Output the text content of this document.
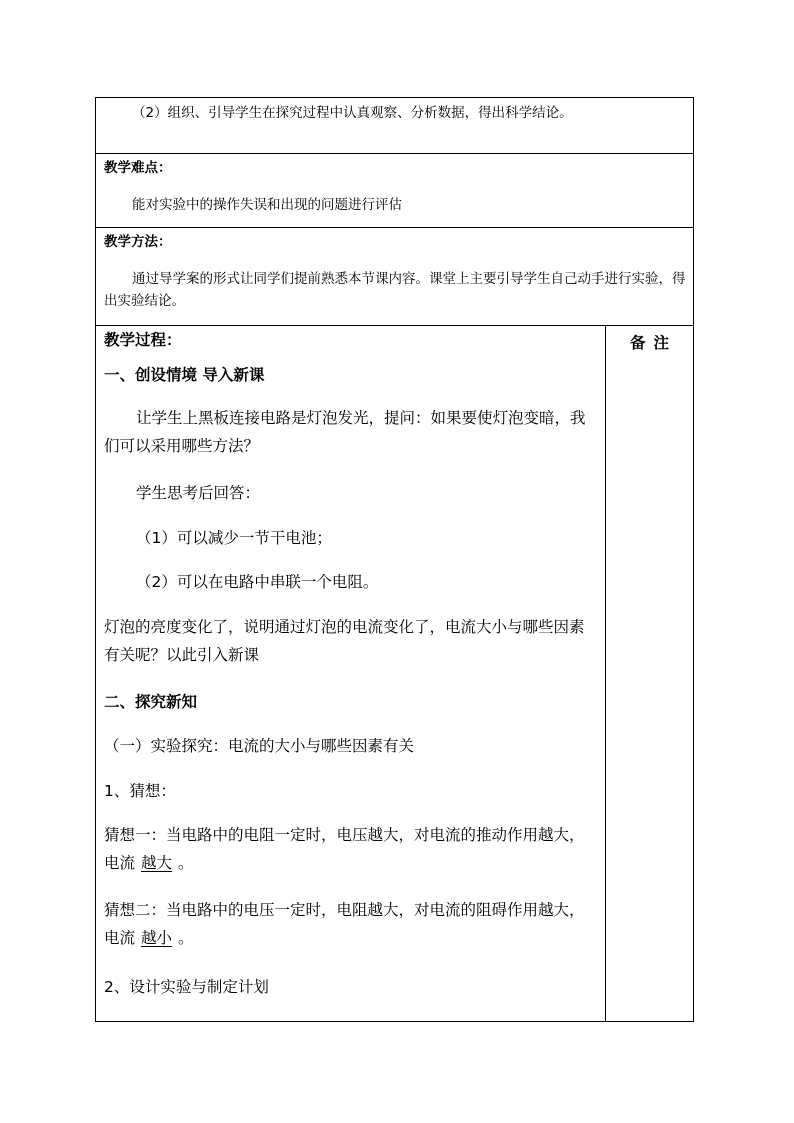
（2）组织、引导学生在探究过程中认真观察、分析数据，得出科学结论。
教学难点：
能对实验中的操作失误和出现的问题进行评估
教学方法：
通过导学案的形式让同学们提前熟悉本节课内容。课堂上主要引导学生自己动手进行实验，得出实验结论。
教学过程：
一、创设情境 导入新课
让学生上黑板连接电路是灯泡发光，提问：如果要使灯泡变暗，我们可以采用哪些方法？
学生思考后回答：
（1）可以减少一节干电池；
（2）可以在电路中串联一个电阻。
灯泡的亮度变化了，说明通过灯泡的电流变化了，电流大小与哪些因素有关呢？以此引入新课
二、探究新知
（一）实验探究：电流的大小与哪些因素有关
1、猜想：
猜想一：当电路中的电阻一定时，电压越大，对电流的推动作用越大，电流 越大 。
猜想二：当电路中的电压一定时，电阻越大，对电流的阻碍作用越大，电流 越小 。
2、设计实验与制定计划
备注
